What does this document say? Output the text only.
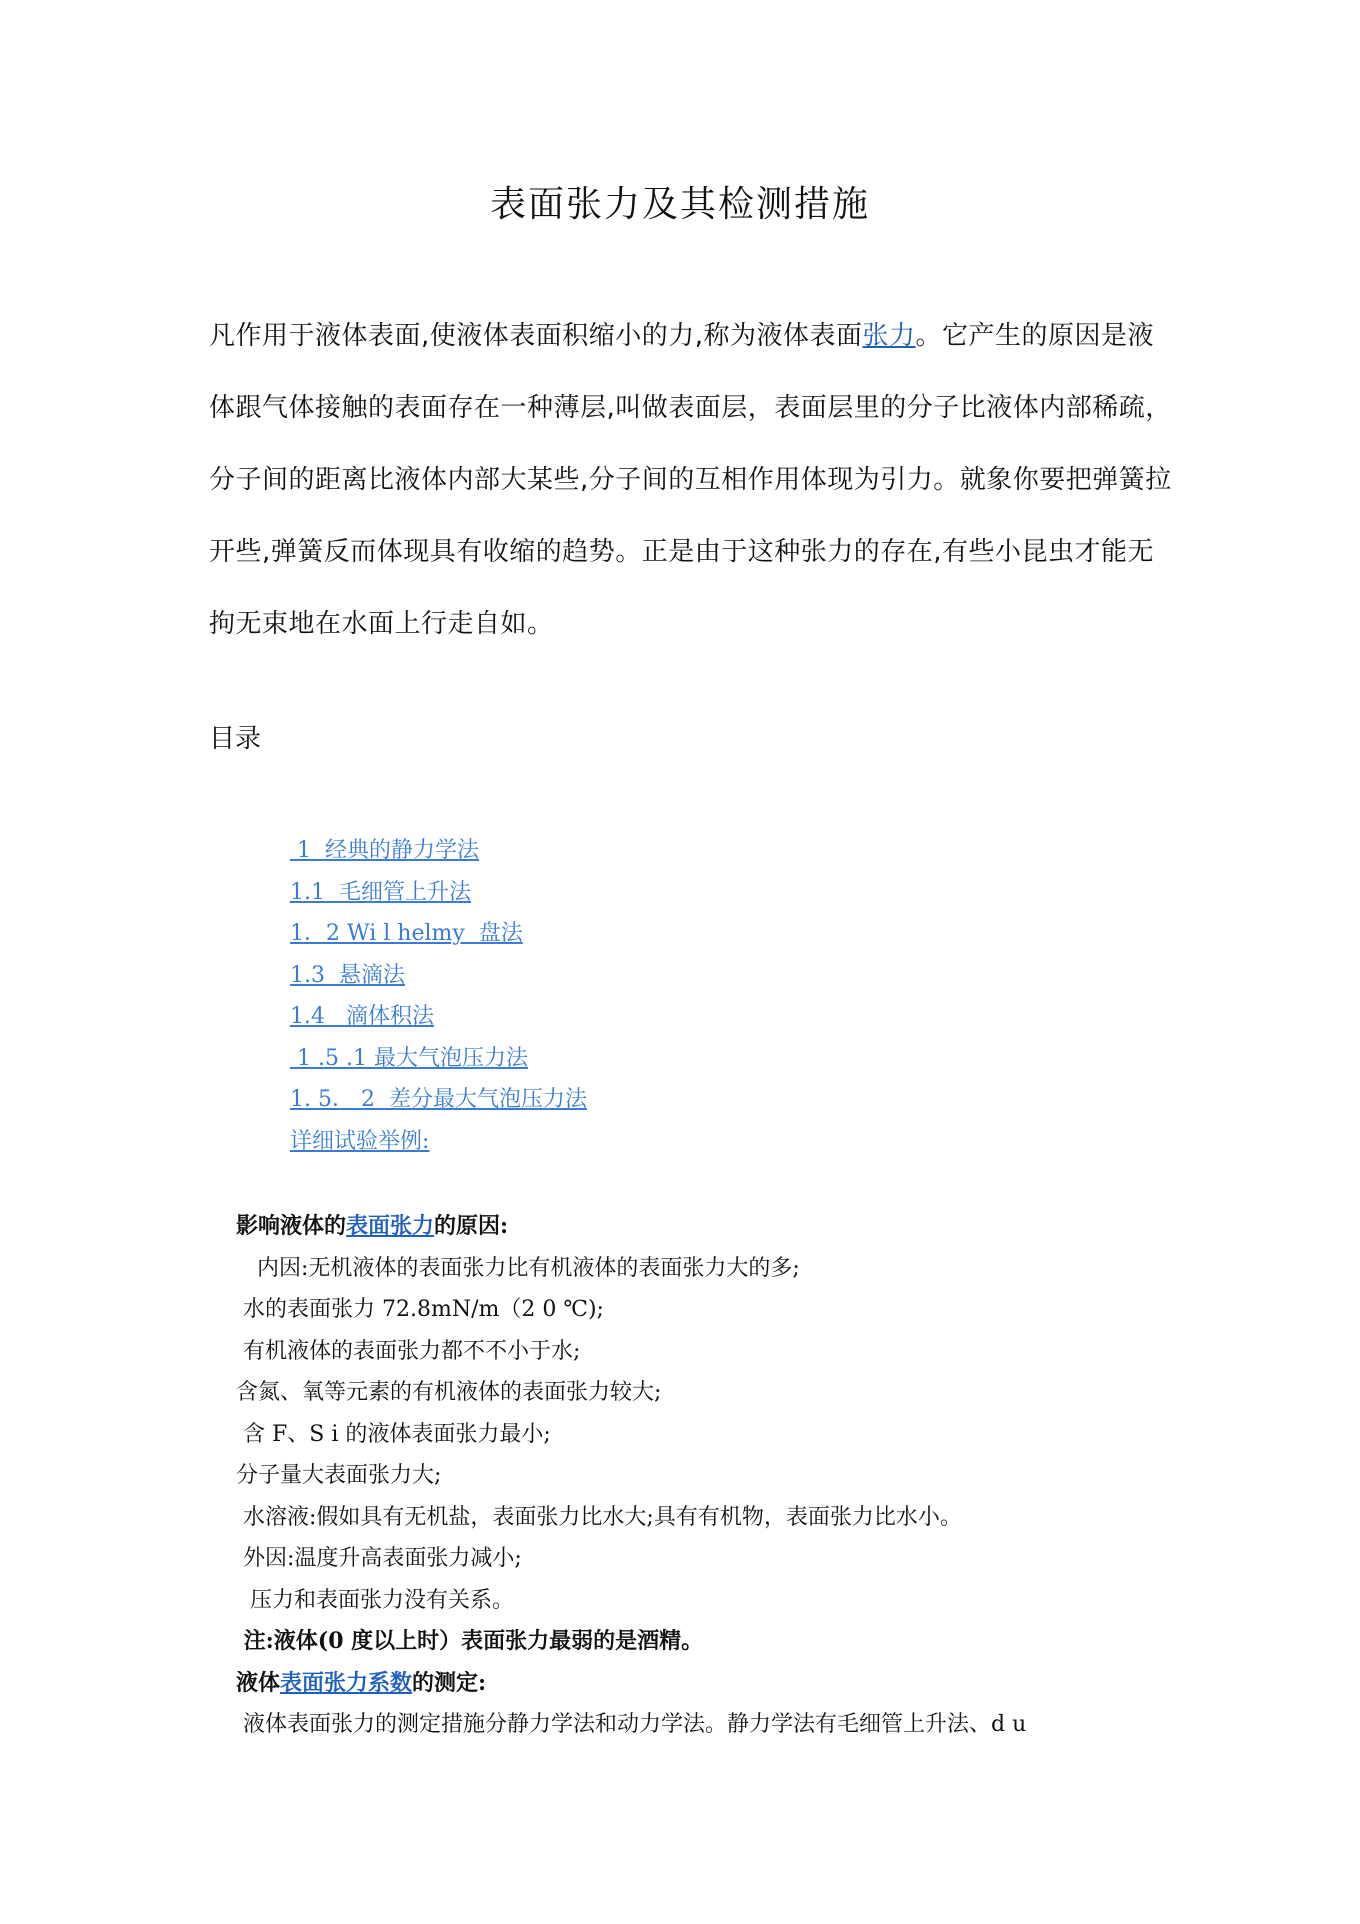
表面张力及其检测措施
凡作用于液体表面,使液体表面积缩小的力,称为液体表面张力。它产生的原因是液体跟气体接触的表面存在一种薄层,叫做表面层，表面层里的分子比液体内部稀疏，分子间的距离比液体内部大某些,分子间的互相作用体现为引力。就象你要把弹簧拉开些,弹簧反而体现具有收缩的趋势。正是由于这种张力的存在,有些小昆虫才能无拘无束地在水面上行走自如。
目录
1  经典的静力学法
1.1  毛细管上升法
1．2 Wi l helmy  盘法
1.3  悬滴法
1.4   滴体积法
1 .5 .1 最大气泡压力法
1. 5． 2  差分最大气泡压力法
详细试验举例:
影响液体的表面张力的原因:
内因:无机液体的表面张力比有机液体的表面张力大的多;
水的表面张力 72.8mN/m（2 0 ℃);
有机液体的表面张力都不不小于水;
含氮、氧等元素的有机液体的表面张力较大;
含 F、S i 的液体表面张力最小;
分子量大表面张力大;
水溶液:假如具有无机盐，表面张力比水大;具有有机物，表面张力比水小。
外因:温度升高表面张力减小;
压力和表面张力没有关系。
注:液体(0 度以上时）表面张力最弱的是酒精。
液体表面张力系数的测定:
液体表面张力的测定措施分静力学法和动力学法。静力学法有毛细管上升法、d u
